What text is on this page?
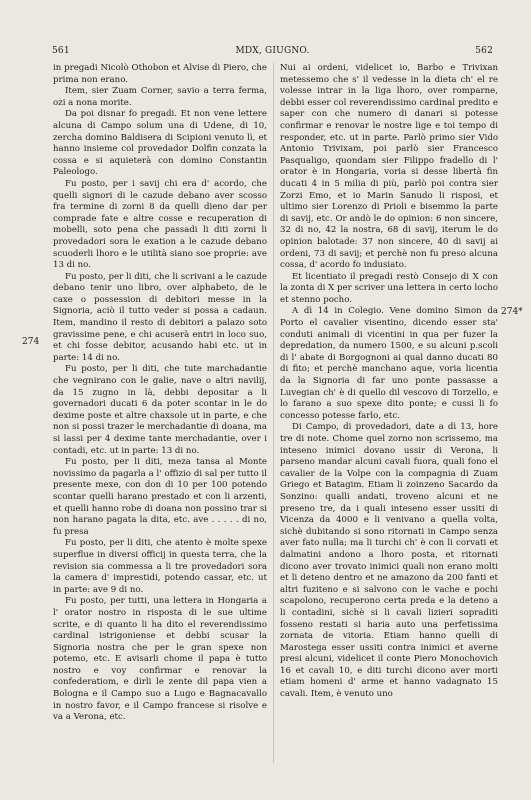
561	MDX, GIUGNO.	562
274
274*

in pregadi Nicolò Othobon et Alvise di Piero, che prima non erano.

Item, sier Zuam Corner, savio a terra ferma, ozi a nona morite.

Da poi disnar fo pregadi. Et non vene lettere alcuna di Campo solum una di Udene, di 10, zercha domino Baldisera di Scipioni venuto lì, et hanno insieme col provedador Dolfin conzata la cossa e si aquieterà con domino Constantin Paleologo.

Fu posto, per i savij chi era d' acordo, che quelli signori di le cazude debano aver scosso fra termine di zorni 8 da quelli dieno dar per comprade fate e altre cosse e recuperation di mobelli, soto pena che passadi li diti zorni li provedadori sora le exation a le cazude debano scuoderli lhoro e le utilità siano soe proprie: ave 13 di no.

Fu posto, per li diti, che li scrivani a le cazude debano tenir uno libro, over alphabeto, de le caxe o possession di debitori messe in la Signoria, aciò il tutto veder si possa a cadaun. Item, mandino il resto di debitori a palazo soto gravissime pene, e chi acuserà entri in loco suo, et chi fosse debitor, acusando habi etc. ut in parte: 14 di no.

Fu posto, per li diti, che tute marchadantie che vegnirano con le galie, nave o altri navilij, da 15 zugno in là, debbi depositar a li governadori ducati 6 da poter scontar in le do dexime poste et altre chaxsole ut in parte, e che non si possi trazer le merchadantie di doana, ma si lassi per 4 dexime tante merchadantie, over i contadi, etc. ut in parte: 13 di no.

Fu posto, per li diti, meza tansa al Monte novissimo da pagarla a l' offizio di sal per tutto il presente mexe, con don di 10 per 100 potendo scontar quelli harano prestado et con li arzenti, et quelli hanno robe di doana non possino trar si non harano pagata la dita, etc. ave . . . . . di no, fu presa

Fu posto, per li diti, che atento è molte spexe superflue in diversi officij in questa terra, che la revision sia commessa a li tre provedadori sora la camera d' imprestidi, potendo cassar, etc. ut in parte: ave 9 di no.

Fu posto, per tutti, una lettera in Hongaria a l' orator nostro in risposta di le sue ultime scrite, e di quanto li ha dito el reverendissimo cardinal istrigoniense et debbi scusar la Signoria nostra che per le gran spexe non potemo, etc. E avisarli chome il papa è tutto nostro e voy confirmar e renovar la confederatiom, e dirli le zente dil papa vien a Bologna e il Campo suo a Lugo e Bagnacavallo in nostro favor, e il Campo francese si risolve e va a Verona, etc.

Nui ai ordeni, videlicet io, Barbo e Trivixan metessemo che s' il vedesse in la dieta ch' el re volesse intrar in la liga lhoro, over romparne, debbi esser col reverendissimo cardinal predito e saper con che numero di danari si potesse confirmar e renovar le nostre lige e toi tempo di responder, etc. ut in parte. Parlò primo sier Vido Antonio Trivixam, poi parlò sier Francesco Pasqualigo, quondam sier Filippo fradello di l' orator è in Hongaria, voria si desse libertà fin ducati 4 in 5 milia di più, parlò poi contra sier Zorzi Emo, et io Marin Sanudo li risposi, et ultimo sier Lorenzo di Prioli e bisemmo la parte di savij, etc. Or andò le do opinion: 6 non sincere, 32 di no, 42 la nostra, 68 di savij, iterum le do opinion balotade: 37 non sincere, 40 di savij ai ordeni, 73 di savij; et perchè non fu preso alcuna cossa, d' acordo fo indusiato.

Et licentiato il pregadi restò Consejo di X con la zonta di X per scriver una lettera in certo locho et stenno pocho.

A dì 14 in Colegio. Vene domino Simon da Porto el cavalier visentino, dicendo esser sta' conduti animali di vicentini in qua per fuzer la depredation, da numero 1500, e su alcuni p.scoli di l' abate di Borgognoni ai qual danno ducati 80 di fito; et perchè manchano aque, voria licentia da la Signoria di far uno ponte passasse a Luvegian ch' è di quello dil vescovo di Torzello, e lo farano a suo spexe dito ponte; e cussi li fo concesso potesse farlo, etc.

Di Campo, di provedadori, date a dì 13, hore tre di note. Chome quel zorno non scrissemo, ma inteseno inimici dovano ussir di Verona, li parseno mandar alcuni cavali fuora, quali fono el cavalier de la Volpe con la compagnia di Zuam Griego et Batagim. Etiam li zoinzeno Sacardo da Sonzino: qualli andati, troveno alcuni et ne preseno tre, da i quali inteseno esser ussiti di Vicenza da 4000 e li venivano a quella volta, sichè dubitando si sono ritornati in Campo senza aver fato nulla; ma li turchi ch' è con li corvati et dalmatini andono a lhoro posta, et ritornati dicono aver trovato inimici quali non erano molti et li deteno dentro et ne amazono da 200 fanti et altri fuziteno e si salvono con le vache e pochi scapolono, recuperono certa preda e la deteno a li contadini, sichè si li cavali lizieri sopraditi fosseno restati si haria auto una perfetissima zornata de vitoria. Etiam hanno quelli di Marostega esser ussiti contra inimici et averne presi alcuni, videlicet il conte Piero Monochovich 16 et cavali 10, e diti turchi dicono aver morti etiam homeni d' arme et hanno vadagnato 15 cavali. Item, è venuto uno
